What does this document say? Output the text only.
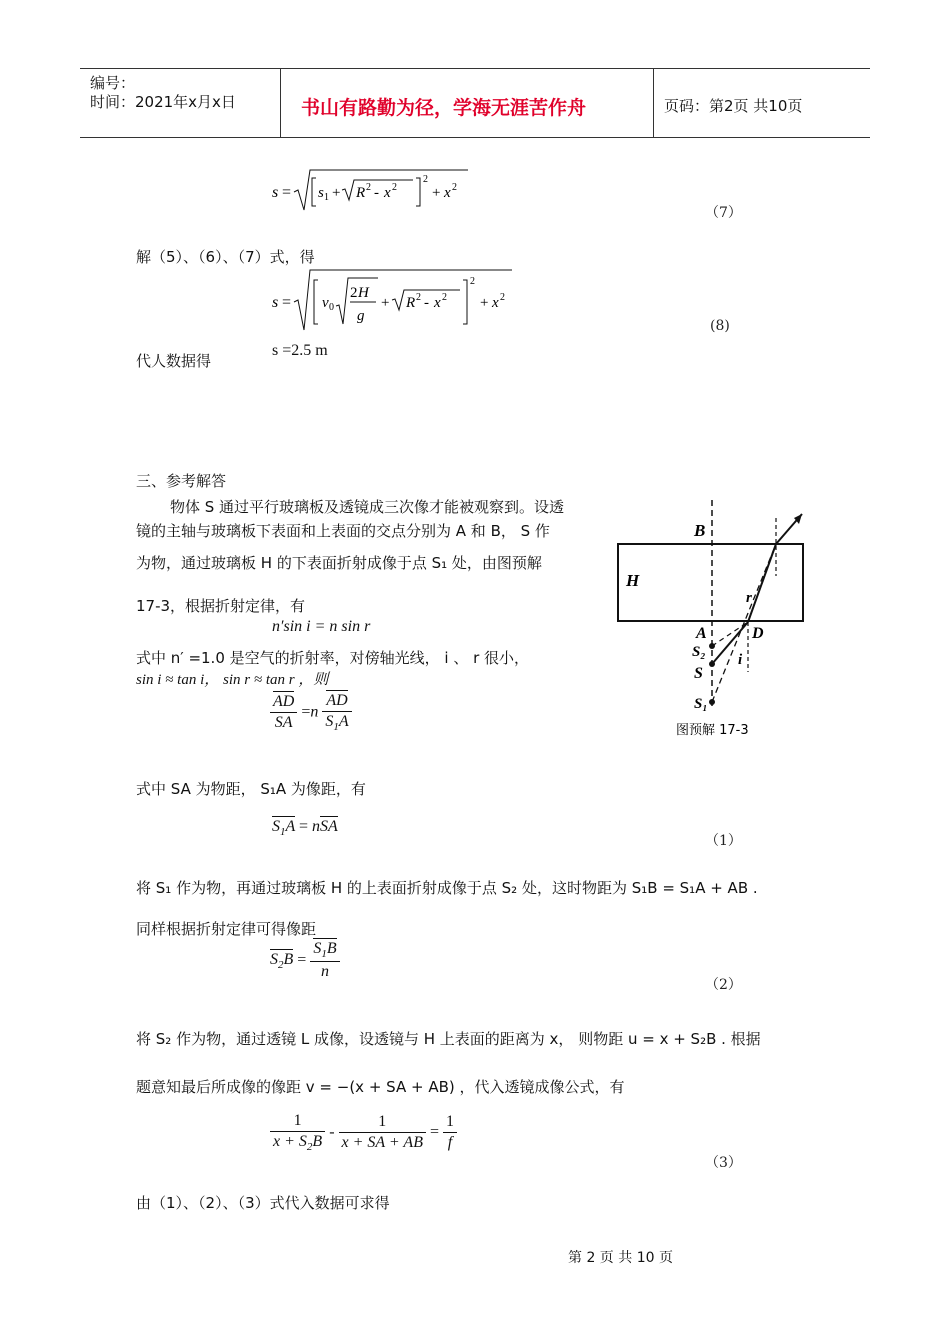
编号：
时间：2021年x月x日	书山有路勤为径，学海无涯苦作舟	页码：第2页 共10页
s = s 1 + R 2 - x 2
2
+ x 2
（7）
解（5）、（6）、（7）式，得
s = v 0
2 H
g
+ R 2 - x 2
2
+ x 2
(8)
代人数据得
s =2.5 m
三、参考解答
物体 S 通过平行玻璃板及透镜成三次像才能被观察到。设透
镜的主轴与玻璃板下表面和上表面的交点分别为 A 和 B， S 作
为物，通过玻璃板 H 的下表面折射成像于点 S₁ 处，由图预解
17-3，根据折射定律，有
n′sin i = n sin r
式中 n′ =1.0 是空气的折射率，对傍轴光线， i 、 r 很小，
sin i ≈ tan i， sin r ≈ tan r ，则
$\frac{AD}{SA} =n \frac{AD}{S_1A}$
式中 SA 为物距， S₁A 为像距，有
$S_1A$ = nSA
（1）
将 S₁ 作为物，再通过玻璃板 H 的上表面折射成像于点 S₂ 处，这时物距为 S₁B = S₁A + AB .
同样根据折射定律可得像距
$S_2B = \frac{S_1B}{n}$
（2）
将 S₂ 作为物，通过透镜 L 成像，设透镜与 H 上表面的距离为 x， 则物距 u = x + S₂B . 根据
题意知最后所成像的像距 v = −(x + SA + AB) ，代入透镜成像公式，有
$\frac{1}{x + S_2B} - \frac{1}{x + SA + AB} = \frac{1}{f}$
（3）
由（1）、（2）、（3）式代入数据可求得
B
H
A	D
S₂
S
S₁
r
i
图预解 17-3
第 2 页 共 10 页
